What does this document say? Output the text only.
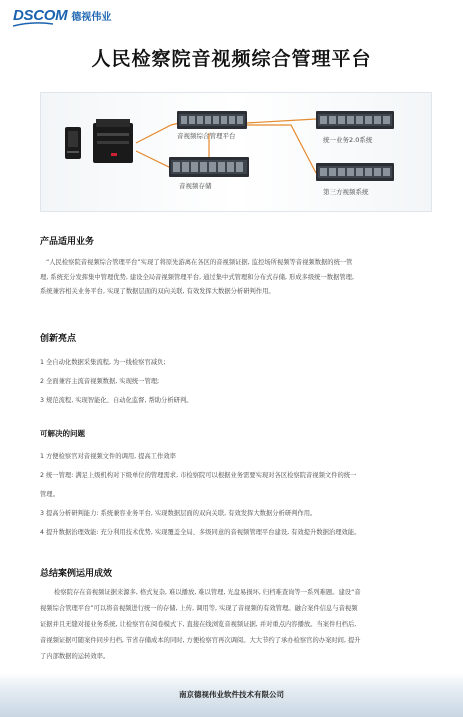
DSCOM 德视伟业
人民检察院音视频综合管理平台
音视频综合管理平台
音视频存储
统一业务2.0系统
第三方视频系统

产品适用业务

“人民检察院音视频综合管理平台”实现了将原先游离在各区的音视频证据, 监控场所视频等音视频数据的统一管

理, 系统充分发挥集中管理优势, 建设全局音视频管理平台, 通过集中式管理和分布式存储, 形成多级统一数据管理,

系统兼容相关业务平台, 实现了数据层面的双向关联, 有效发挥大数据分析研判作用。

创新亮点

1 全自动化数据采集流程, 为一线检察官减负;

2 全面兼容主流音视频数据, 实现统一管理;

3 规范流程, 实现智能化、自动化监督, 帮助分析研判。

可解决的问题

1 方便检察官对音视频文件的调用, 提高工作效率

2 统一管理: 满足上级机构对下级单位的管理需求, 市检察院可以根据业务需要实现对各区检察院音视频文件的统一

管理。

3 提高分析研判能力: 系统兼容业务平台, 实现数据层面的双向关联, 有效发挥大数据分析研判作用。

4 提升数据治理效能: 充分利用技术优势, 实现覆盖全局、多级同意的音视频管理平台建设, 有效提升数据治理效能。

总结案例运用成效

检察院存在音视频证据来源多, 格式复杂, 难以播放, 难以管理, 光盘易损坏, 归档难查询等一系列难题。建设“音

视频综合管理平台”可以将音视频进行统一的存储, 上传, 调用等, 实现了音视频的有效管理。融合案件信息与音视频

证据并且无缝对接业务系统, 让检察官在阅卷模式下, 直接在线浏览音视频证据, 并对重点内容播放。当案件归档后,

音视频证据可随案件同步归档, 节省存储成本的同时, 方便检察官再次调阅。大大节约了承办检察官的办案时间, 提升

了内部数据的运转效率。

南京德视伟业软件技术有限公司
